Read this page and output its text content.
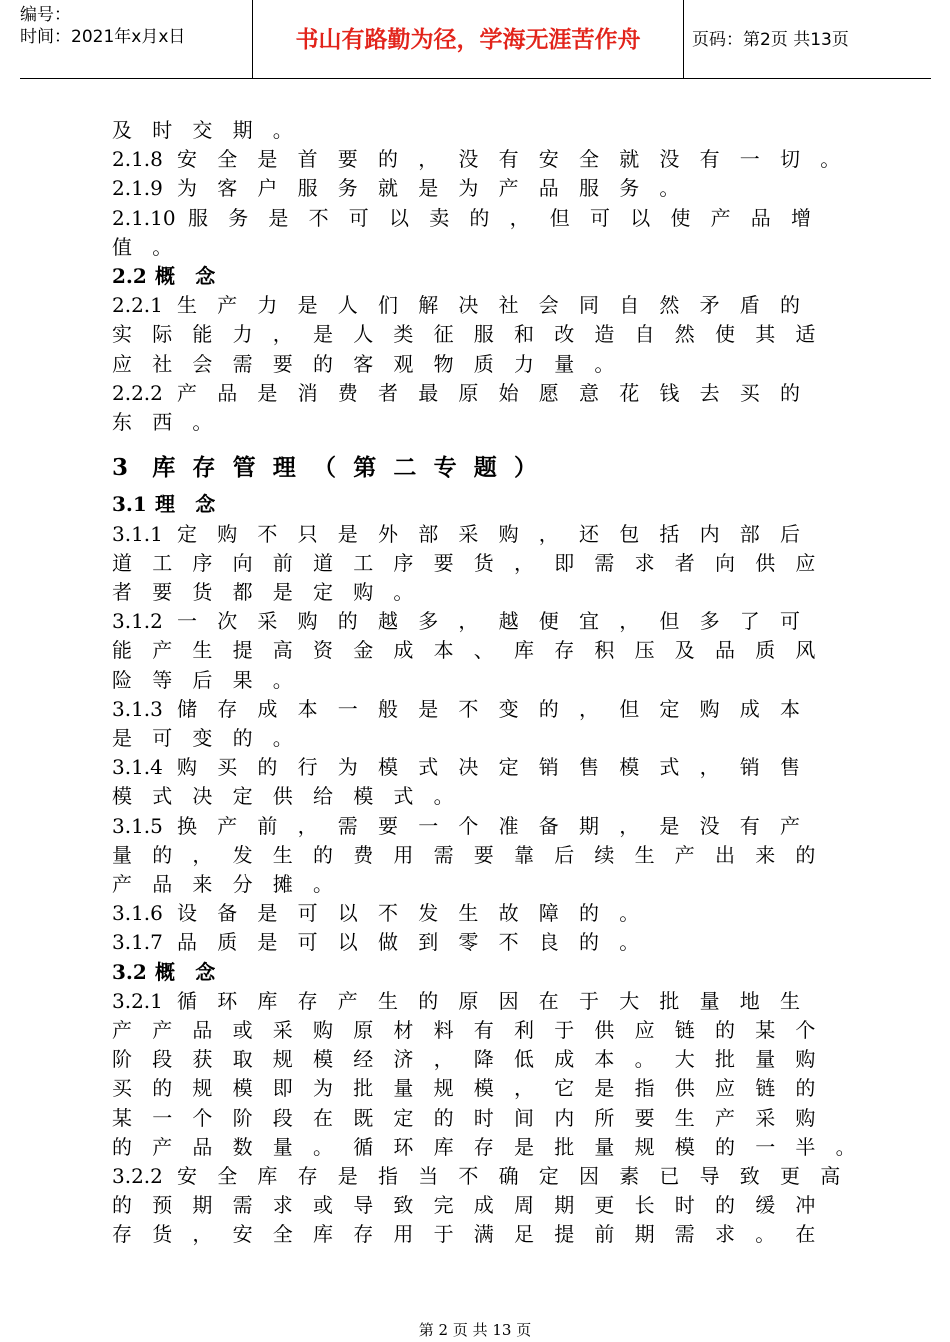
编号：
时间：2021年x月x日	书山有路勤为径，学海无涯苦作舟	页码：第2页 共13页
及 时 交 期 。
2.1.8 安 全 是 首 要 的 ， 没 有 安 全 就 没 有 一 切 。
2.1.9 为 客 户 服 务 就 是 为 产 品 服 务 。
2.1.10 服 务 是 不 可 以 卖 的 ， 但 可 以 使 产 品 增
值 。
2.2 概 念
2.2.1 生 产 力 是 人 们 解 决 社 会 同 自 然 矛 盾 的
实 际 能 力 ， 是 人 类 征 服 和 改 造 自 然 使 其 适
应 社 会 需 要 的 客 观 物 质 力 量 。
2.2.2 产 品 是 消 费 者 最 原 始 愿 意 花 钱 去 买 的
东 西 。
3 库 存 管 理 （ 第 二 专 题 ）
3.1 理 念
3.1.1 定 购 不 只 是 外 部 采 购 ， 还 包 括 内 部 后
道 工 序 向 前 道 工 序 要 货 ， 即 需 求 者 向 供 应
者 要 货 都 是 定 购 。
3.1.2 一 次 采 购 的 越 多 ， 越 便 宜 ， 但 多 了 可
能 产 生 提 高 资 金 成 本 、 库 存 积 压 及 品 质 风
险 等 后 果 。
3.1.3 储 存 成 本 一 般 是 不 变 的 ， 但 定 购 成 本
是 可 变 的 。
3.1.4 购 买 的 行 为 模 式 决 定 销 售 模 式 ， 销 售
模 式 决 定 供 给 模 式 。
3.1.5 换 产 前 ， 需 要 一 个 准 备 期 ， 是 没 有 产
量 的 ， 发 生 的 费 用 需 要 靠 后 续 生 产 出 来 的
产 品 来 分 摊 。
3.1.6 设 备 是 可 以 不 发 生 故 障 的 。
3.1.7 品 质 是 可 以 做 到 零 不 良 的 。
3.2 概 念
3.2.1 循 环 库 存 产 生 的 原 因 在 于 大 批 量 地 生
产 产 品 或 采 购 原 材 料 有 利 于 供 应 链 的 某 个
阶 段 获 取 规 模 经 济 ， 降 低 成 本 。 大 批 量 购
买 的 规 模 即 为 批 量 规 模 ， 它 是 指 供 应 链 的
某 一 个 阶 段 在 既 定 的 时 间 内 所 要 生 产 采 购
的 产 品 数 量 。 循 环 库 存 是 批 量 规 模 的 一 半 。
3.2.2 安 全 库 存 是 指 当 不 确 定 因 素 已 导 致 更 高
的 预 期 需 求 或 导 致 完 成 周 期 更 长 时 的 缓 冲
存 货 ， 安 全 库 存 用 于 满 足 提 前 期 需 求 。 在
第 2 页 共 13 页
